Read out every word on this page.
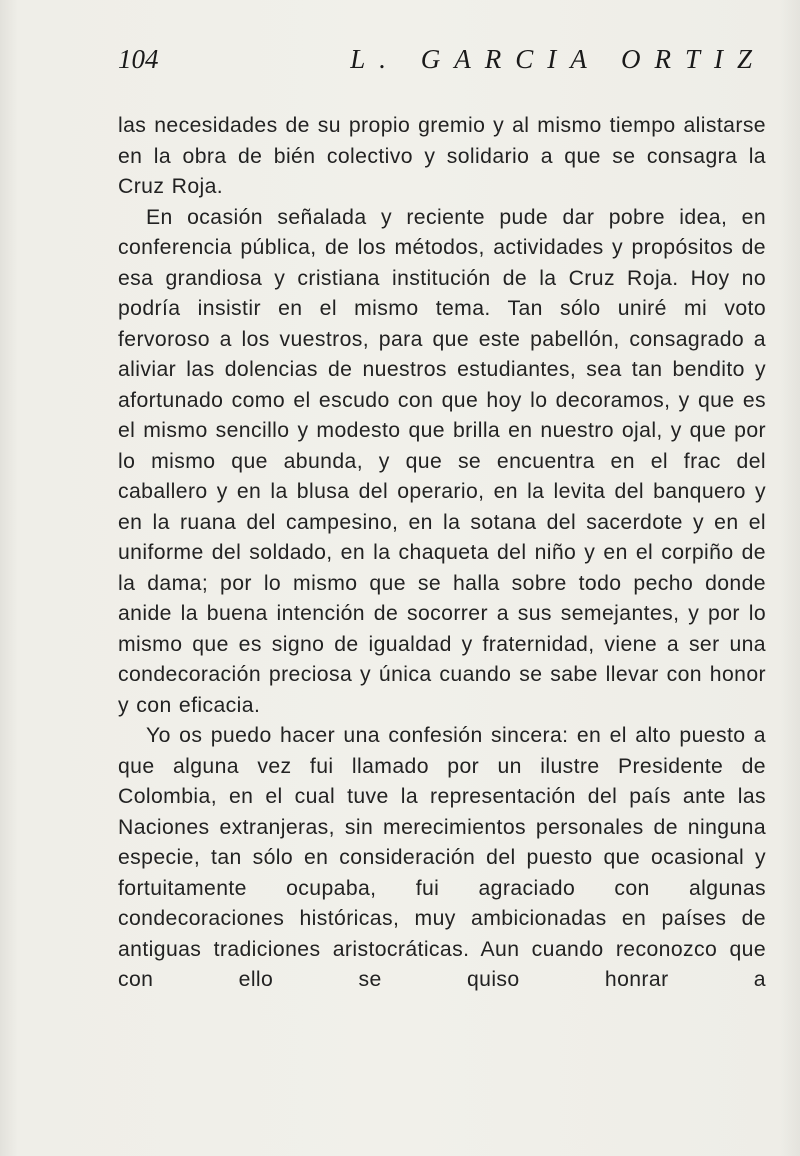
104	L. GARCIA ORTIZ

las necesidades de su propio gremio y al mismo tiempo alistarse en la obra de bién colectivo y solidario a que se consagra la Cruz Roja.

En ocasión señalada y reciente pude dar pobre idea, en conferencia pública, de los métodos, actividades y propósitos de esa grandiosa y cristiana institución de la Cruz Roja. Hoy no podría insistir en el mismo tema. Tan sólo uniré mi voto fervoroso a los vuestros, para que este pabellón, consagrado a aliviar las dolencias de nuestros estudiantes, sea tan bendito y afortunado como el escudo con que hoy lo decoramos, y que es el mismo sencillo y modesto que brilla en nuestro ojal, y que por lo mismo que abunda, y que se encuentra en el frac del caballero y en la blusa del operario, en la levita del banquero y en la ruana del campesino, en la sotana del sacerdote y en el uniforme del soldado, en la chaqueta del niño y en el corpiño de la dama; por lo mismo que se halla sobre todo pecho donde anide la buena intención de socorrer a sus semejantes, y por lo mismo que es signo de igualdad y fraternidad, viene a ser una condecoración preciosa y única cuando se sabe llevar con honor y con eficacia.

Yo os puedo hacer una confesión sincera: en el alto puesto a que alguna vez fui llamado por un ilustre Presidente de Colombia, en el cual tuve la representación del país ante las Naciones extranjeras, sin merecimientos personales de ninguna especie, tan sólo en consideración del puesto que ocasional y fortuitamente ocupaba, fui agraciado con algunas condecoraciones históricas, muy ambicionadas en países de antiguas tradiciones aristocráticas. Aun cuando reconozco que con ello se quiso honrar a
